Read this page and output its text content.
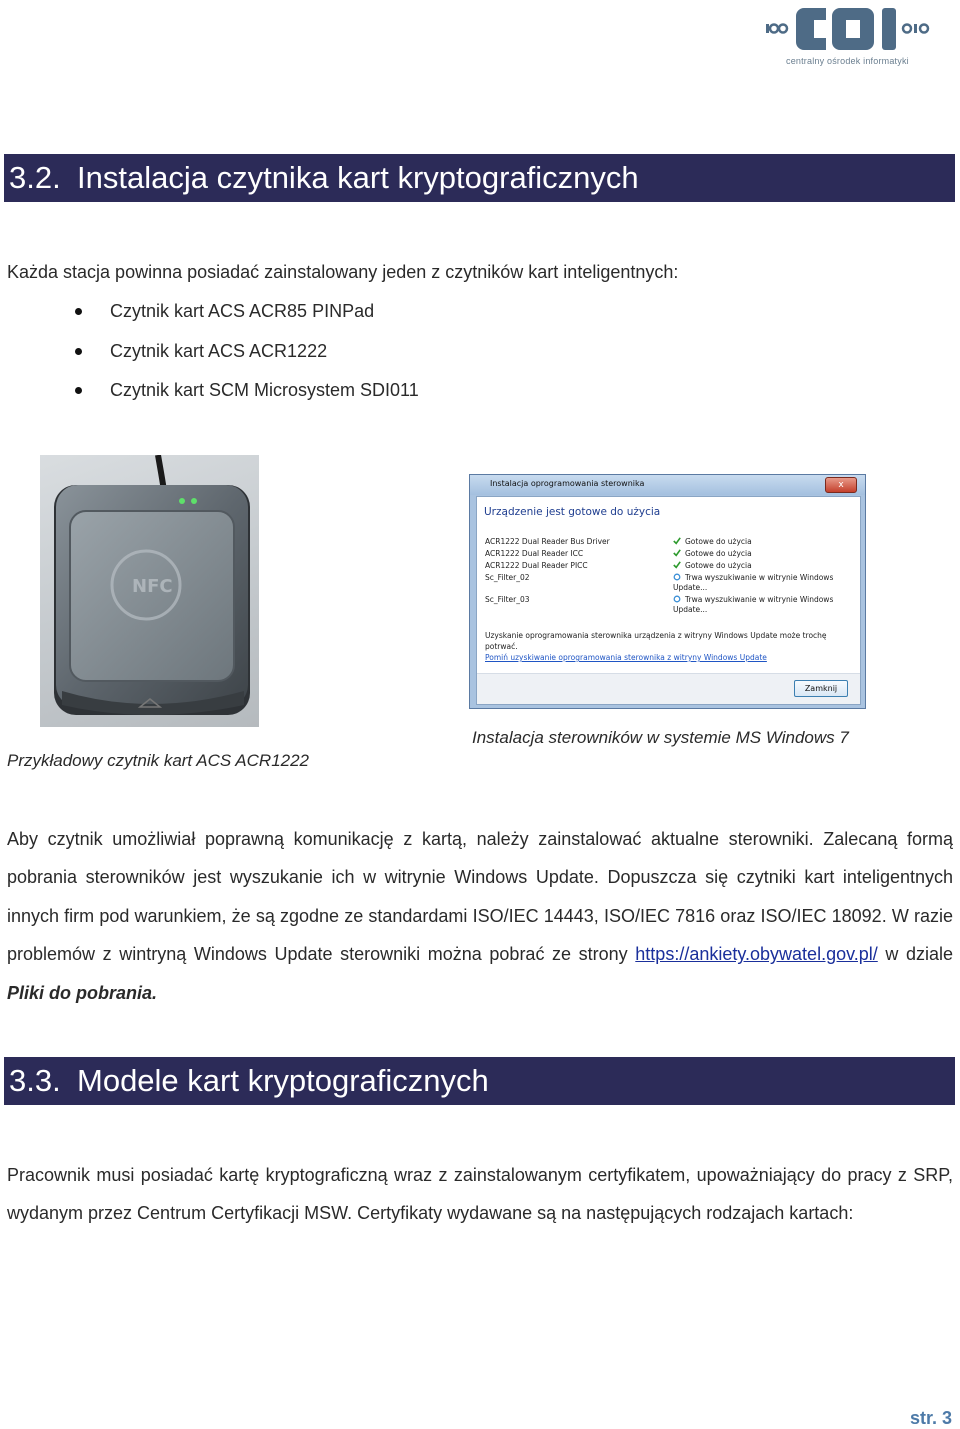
centralny ośrodek informatyki
3.2. Instalacja czytnika kart kryptograficznych
Każda stacja powinna posiadać zainstalowany jeden z czytników kart inteligentnych:
Czytnik kart ACS ACR85 PINPad
Czytnik kart ACS ACR1222
Czytnik kart SCM Microsystem SDI011
NFC
Instalacja oprogramowania sterownika	x
Urządzenie jest gotowe do użycia
ACR1222 Dual Reader Bus Driver	Gotowe do użycia
ACR1222 Dual Reader ICC	Gotowe do użycia
ACR1222 Dual Reader PICC	Gotowe do użycia
Sc_Filter_02	Trwa wyszukiwanie w witrynie Windows Update...
Sc_Filter_03	Trwa wyszukiwanie w witrynie Windows Update...
Uzyskanie oprogramowania sterownika urządzenia z witryny Windows Update może trochę potrwać.
Pomiń uzyskiwanie oprogramowania sterownika z witryny Windows Update
Zamknij
Przykładowy czytnik kart ACS ACR1222
Instalacja sterowników w systemie MS Windows 7
Aby czytnik umożliwiał poprawną komunikację z kartą, należy zainstalować aktualne sterowniki. Zalecaną formą pobrania sterowników jest wyszukanie ich w witrynie Windows Update. Dopuszcza się czytniki kart inteligentnych innych firm pod warunkiem, że są zgodne ze standardami ISO/IEC 14443, ISO/IEC 7816 oraz ISO/IEC 18092. W razie problemów z wintryną Windows Update sterowniki można pobrać ze strony https://ankiety.obywatel.gov.pl/ w dziale Pliki do pobrania.
3.3. Modele kart kryptograficznych
Pracownik musi posiadać kartę kryptograficzną wraz z zainstalowanym certyfikatem, upoważniający do pracy z SRP, wydanym przez Centrum Certyfikacji MSW. Certyfikaty wydawane są na następujących rodzajach kartach:
str. 3
